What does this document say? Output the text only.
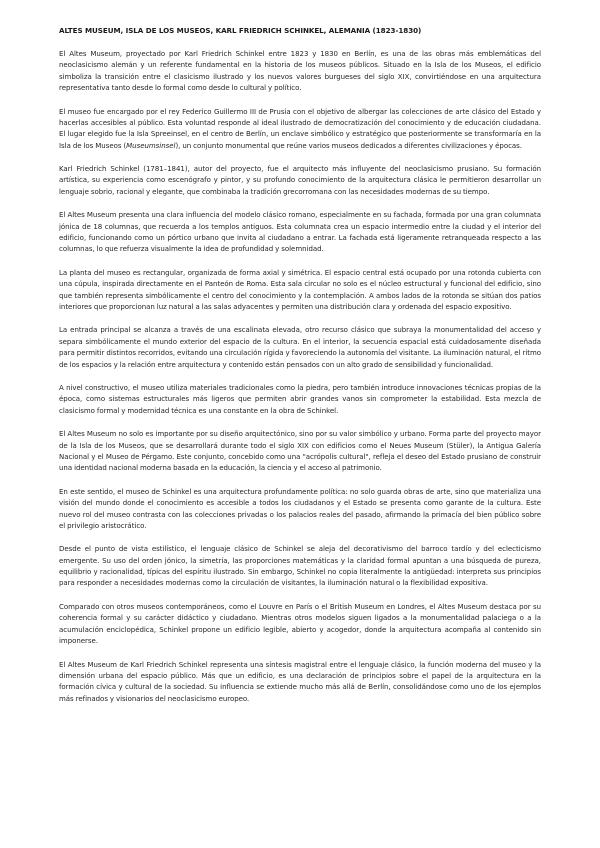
ALTES MUSEUM, ISLA DE LOS MUSEOS, KARL FRIEDRICH SCHINKEL, ALEMANIA (1823-1830)

El Altes Museum, proyectado por Karl Friedrich Schinkel entre 1823 y 1830 en Berlín, es una de las obras más emblemáticas del neoclasicismo alemán y un referente fundamental en la historia de los museos públicos. Situado en la Isla de los Museos, el edificio simboliza la transición entre el clasicismo ilustrado y los nuevos valores burgueses del siglo XIX, convirtiéndose en una arquitectura representativa tanto desde lo formal como desde lo cultural y político.

El museo fue encargado por el rey Federico Guillermo III de Prusia con el objetivo de albergar las colecciones de arte clásico del Estado y hacerlas accesibles al público. Esta voluntad responde al ideal ilustrado de democratización del conocimiento y de educación ciudadana. El lugar elegido fue la Isla Spreeinsel, en el centro de Berlín, un enclave simbólico y estratégico que posteriormente se transformaría en la Isla de los Museos (Museumsinsel), un conjunto monumental que reúne varios museos dedicados a diferentes civilizaciones y épocas.

Karl Friedrich Schinkel (1781–1841), autor del proyecto, fue el arquitecto más influyente del neoclasicismo prusiano. Su formación artística, su experiencia como escenógrafo y pintor, y su profundo conocimiento de la arquitectura clásica le permitieron desarrollar un lenguaje sobrio, racional y elegante, que combinaba la tradición grecorromana con las necesidades modernas de su tiempo.

El Altes Museum presenta una clara influencia del modelo clásico romano, especialmente en su fachada, formada por una gran columnata jónica de 18 columnas, que recuerda a los templos antiguos. Esta columnata crea un espacio intermedio entre la ciudad y el interior del edificio, funcionando como un pórtico urbano que invita al ciudadano a entrar. La fachada está ligeramente retranqueada respecto a las columnas, lo que refuerza visualmente la idea de profundidad y solemnidad.

La planta del museo es rectangular, organizada de forma axial y simétrica. El espacio central está ocupado por una rotonda cubierta con una cúpula, inspirada directamente en el Panteón de Roma. Esta sala circular no solo es el núcleo estructural y funcional del edificio, sino que también representa simbólicamente el centro del conocimiento y la contemplación. A ambos lados de la rotonda se sitúan dos patios interiores que proporcionan luz natural a las salas adyacentes y permiten una distribución clara y ordenada del espacio expositivo.

La entrada principal se alcanza a través de una escalinata elevada, otro recurso clásico que subraya la monumentalidad del acceso y separa simbólicamente el mundo exterior del espacio de la cultura. En el interior, la secuencia espacial está cuidadosamente diseñada para permitir distintos recorridos, evitando una circulación rígida y favoreciendo la autonomía del visitante. La iluminación natural, el ritmo de los espacios y la relación entre arquitectura y contenido están pensados con un alto grado de sensibilidad y funcionalidad.

A nivel constructivo, el museo utiliza materiales tradicionales como la piedra, pero también introduce innovaciones técnicas propias de la época, como sistemas estructurales más ligeros que permiten abrir grandes vanos sin comprometer la estabilidad. Esta mezcla de clasicismo formal y modernidad técnica es una constante en la obra de Schinkel.

El Altes Museum no solo es importante por su diseño arquitectónico, sino por su valor simbólico y urbano. Forma parte del proyecto mayor de la Isla de los Museos, que se desarrollará durante todo el siglo XIX con edificios como el Neues Museum (Stüler), la Antigua Galería Nacional y el Museo de Pérgamo. Este conjunto, concebido como una "acrópolis cultural", refleja el deseo del Estado prusiano de construir una identidad nacional moderna basada en la educación, la ciencia y el acceso al patrimonio.

En este sentido, el museo de Schinkel es una arquitectura profundamente política: no solo guarda obras de arte, sino que materializa una visión del mundo donde el conocimiento es accesible a todos los ciudadanos y el Estado se presenta como garante de la cultura. Este nuevo rol del museo contrasta con las colecciones privadas o los palacios reales del pasado, afirmando la primacía del bien público sobre el privilegio aristocrático.

Desde el punto de vista estilístico, el lenguaje clásico de Schinkel se aleja del decorativismo del barroco tardío y del eclecticismo emergente. Su uso del orden jónico, la simetría, las proporciones matemáticas y la claridad formal apuntan a una búsqueda de pureza, equilibrio y racionalidad, típicas del espíritu ilustrado. Sin embargo, Schinkel no copia literalmente la antigüedad: interpreta sus principios para responder a necesidades modernas como la circulación de visitantes, la iluminación natural o la flexibilidad expositiva.

Comparado con otros museos contemporáneos, como el Louvre en París o el British Museum en Londres, el Altes Museum destaca por su coherencia formal y su carácter didáctico y ciudadano. Mientras otros modelos siguen ligados a la monumentalidad palaciega o a la acumulación enciclopédica, Schinkel propone un edificio legible, abierto y acogedor, donde la arquitectura acompaña al contenido sin imponerse.

El Altes Museum de Karl Friedrich Schinkel representa una síntesis magistral entre el lenguaje clásico, la función moderna del museo y la dimensión urbana del espacio público. Más que un edificio, es una declaración de principios sobre el papel de la arquitectura en la formación cívica y cultural de la sociedad. Su influencia se extiende mucho más allá de Berlín, consolidándose como uno de los ejemplos más refinados y visionarios del neoclasicismo europeo.
